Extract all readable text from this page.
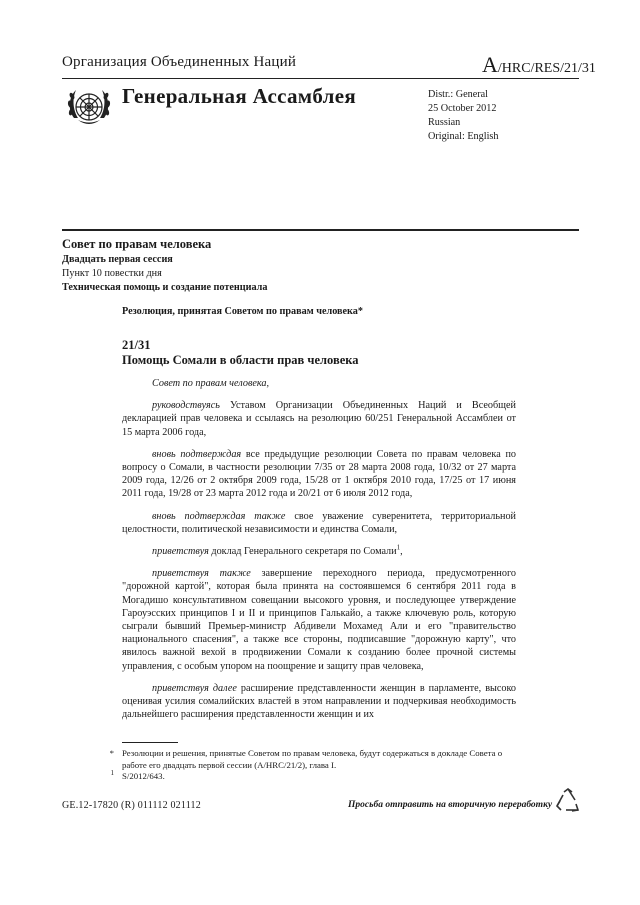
Организация Объединенных Наций	A/HRC/RES/21/31
Генеральная Ассамблея	Distr.: General
25 October 2012
Russian
Original: English
Совет по правам человека
Двадцать первая сессия
Пункт 10 повестки дня
Техническая помощь и создание потенциала
Резолюция, принятая Советом по правам человека*
21/31
Помощь Сомали в области прав человека

Совет по правам человека,

руководствуясь Уставом Организации Объединенных Наций и Всеобщей декларацией прав человека и ссылаясь на резолюцию 60/251 Генеральной Ассамблеи от 15 марта 2006 года,

вновь подтверждая все предыдущие резолюции Совета по правам человека по вопросу о Сомали, в частности резолюции 7/35 от 28 марта 2008 года, 10/32 от 27 марта 2009 года, 12/26 от 2 октября 2009 года, 15/28 от 1 октября 2010 года, 17/25 от 17 июня 2011 года, 19/28 от 23 марта 2012 года и 20/21 от 6 июля 2012 года,

вновь подтверждая также свое уважение суверенитета, территориальной целостности, политической независимости и единства Сомали,

приветствуя доклад Генерального секретаря по Сомали$^1$,

приветствуя также завершение переходного периода, предусмотренного "дорожной картой", которая была принята на состоявшемся 6 сентября 2011 года в Могадишо консультативном совещании высокого уровня, и последующее утверждение Гароуэсских принципов I и II и принципов Галькайо, а также ключевую роль, которую сыграли бывший Премьер-министр Абдивели Мохамед Али и его "правительство национального спасения", а также все стороны, подписавшие "дорожную карту", что явилось важной вехой в продвижении Сомали к созданию более прочной системы управления, с особым упором на поощрение и защиту прав человека,

приветствуя далее расширение представленности женщин в парламенте, высоко оценивая усилия сомалийских властей в этом направлении и подчеркивая необходимость дальнейшего расширения представленности женщин и их

* Резолюции и решения, принятые Советом по правам человека, будут содержаться в докладе Совета о работе его двадцать первой сессии (A/HRC/21/2), глава I.
$^1$ S/2012/643.
GE.12-17820 (R) 011112 021112	Просьба отправить на вторичную переработку
